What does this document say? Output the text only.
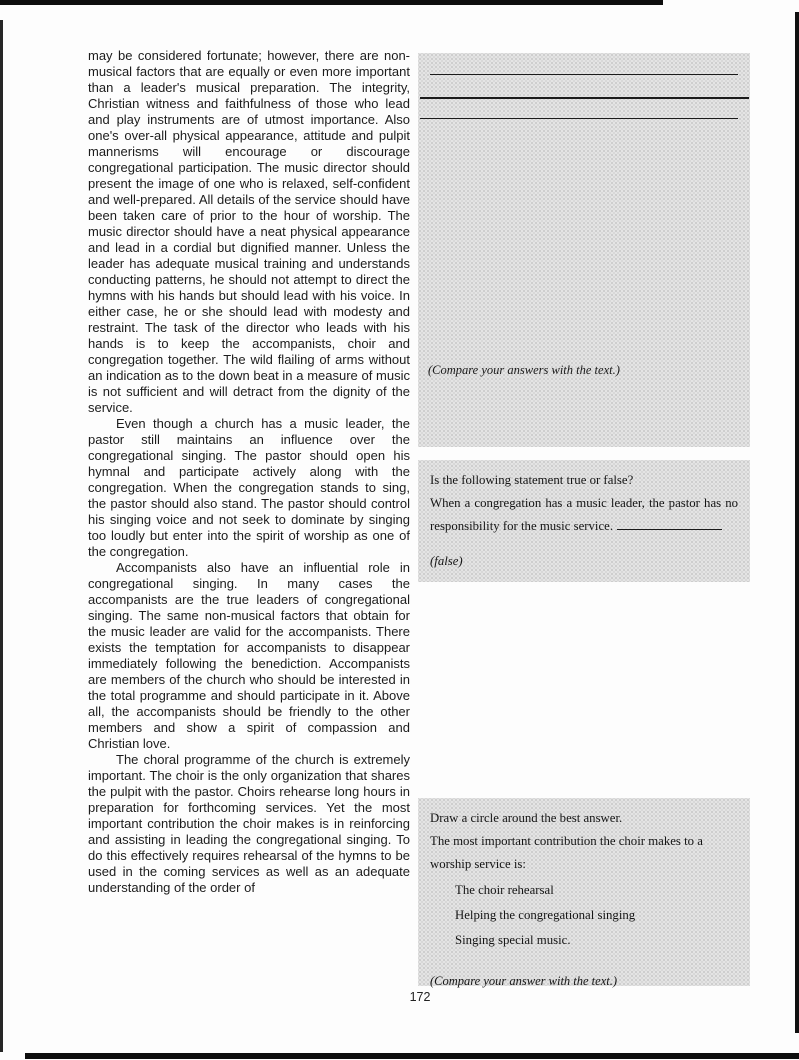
may be considered fortunate; however, there are non-musical factors that are equally or even more important than a leader's musical preparation. The integrity, Christian witness and faithfulness of those who lead and play instruments are of utmost importance. Also one's over-all physical appearance, attitude and pulpit mannerisms will encourage or discourage congregational participation. The music director should present the image of one who is relaxed, self-confident and well-prepared. All details of the service should have been taken care of prior to the hour of worship. The music director should have a neat physical appearance and lead in a cordial but dignified manner. Unless the leader has adequate musical training and understands conducting patterns, he should not attempt to direct the hymns with his hands but should lead with his voice. In either case, he or she should lead with modesty and restraint. The task of the director who leads with his hands is to keep the accompanists, choir and congregation together. The wild flailing of arms without an indication as to the down beat in a measure of music is not sufficient and will detract from the dignity of the service.

Even though a church has a music leader, the pastor still maintains an influence over the congregational singing. The pastor should open his hymnal and participate actively along with the congregation. When the congregation stands to sing, the pastor should also stand. The pastor should control his singing voice and not seek to dominate by singing too loudly but enter into the spirit of worship as one of the congregation.

Accompanists also have an influential role in congregational singing. In many cases the accompanists are the true leaders of congregational singing. The same non-musical factors that obtain for the music leader are valid for the accompanists. There exists the temptation for accompanists to disappear immediately following the benediction. Accompanists are members of the church who should be interested in the total programme and should participate in it. Above all, the accompanists should be friendly to the other members and show a spirit of compassion and Christian love.

The choral programme of the church is extremely important. The choir is the only organization that shares the pulpit with the pastor. Choirs rehearse long hours in preparation for forthcoming services. Yet the most important contribution the choir makes is in reinforcing and assisting in leading the congregational singing. To do this effectively requires rehearsal of the hymns to be used in the coming services as well as an adequate understanding of the order of

(Compare your answers with the text.)
Is the following statement true or false?
When a congregation has a music leader, the pastor has no responsibility for the music service.
(false)
Draw a circle around the best answer.
The most important contribution the choir makes to a worship service is:
The choir rehearsal
Helping the congregational singing
Singing special music.
(Compare your answer with the text.)
172
